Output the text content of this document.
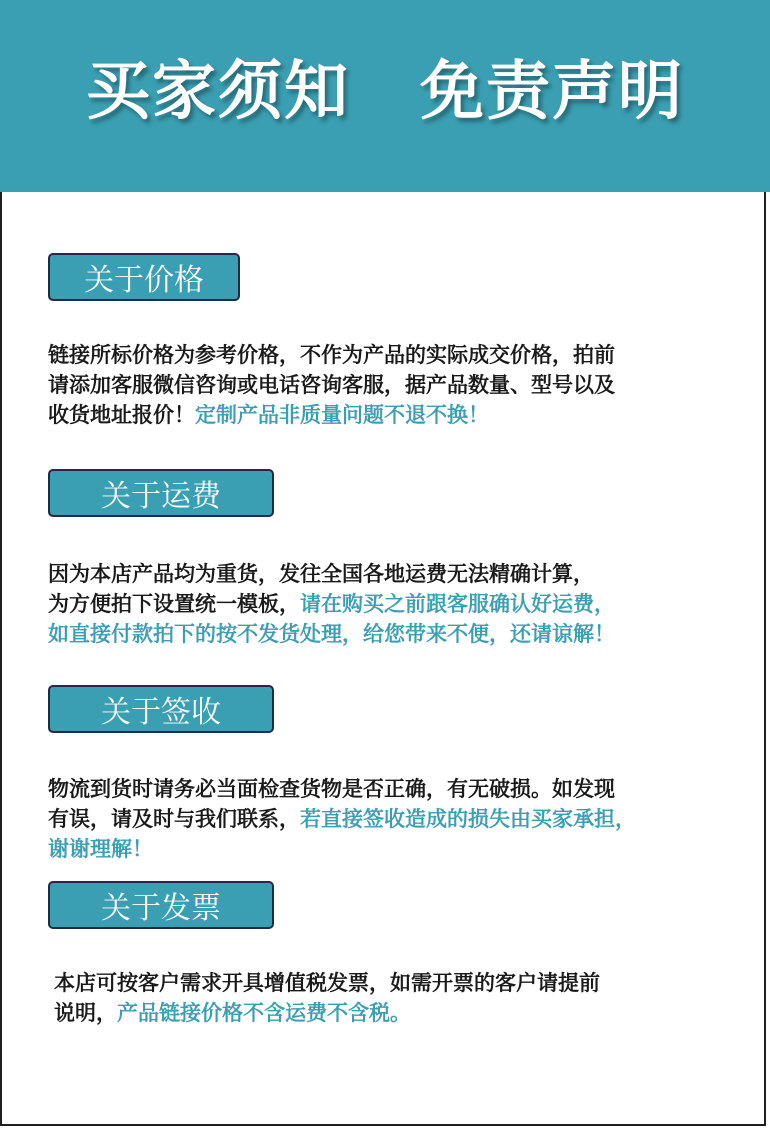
买家须知 免责声明
关于价格
链接所标价格为参考价格，不作为产品的实际成交价格，拍前
请添加客服微信咨询或电话咨询客服，据产品数量、型号以及
收货地址报价！定制产品非质量问题不退不换！
关于运费
因为本店产品均为重货，发往全国各地运费无法精确计算，
为方便拍下设置统一模板，请在购买之前跟客服确认好运费，
如直接付款拍下的按不发货处理，给您带来不便，还请谅解！
关于签收
物流到货时请务必当面检查货物是否正确，有无破损。如发现
有误，请及时与我们联系，若直接签收造成的损失由买家承担，
谢谢理解！
关于发票
本店可按客户需求开具增值税发票，如需开票的客户请提前
说明，产品链接价格不含运费不含税。
